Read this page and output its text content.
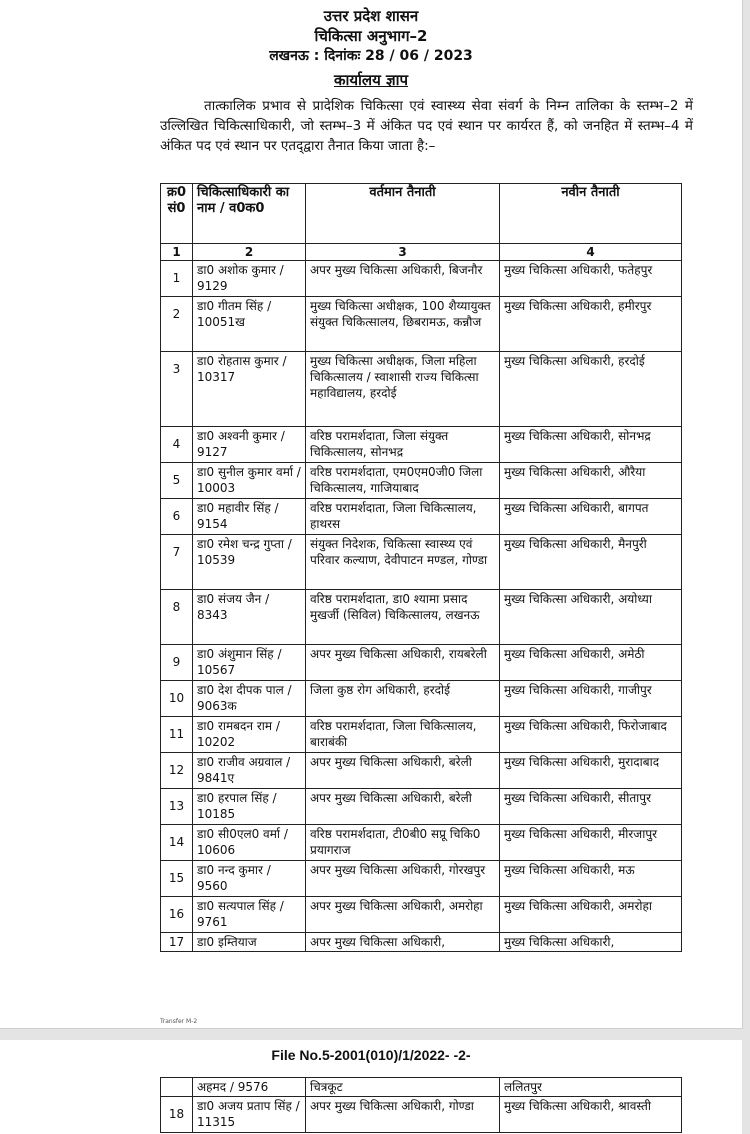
उत्तर प्रदेश शासन
चिकित्सा अनुभाग–2
लखनऊ : दिनांकः 28 / 06 / 2023
कार्यालय ज्ञाप
तात्कालिक प्रभाव से प्रादेशिक चिकित्सा एवं स्वास्थ्य सेवा संवर्ग के निम्न तालिका के स्तम्भ–2 में उल्लिखित चिकित्साधिकारी, जो स्तम्भ–3 में अंकित पद एवं स्थान पर कार्यरत हैं, को जनहित में स्तम्भ–4 में अंकित पद एवं स्थान पर एतद्‌द्वारा तैनात किया जाता है:–
क्र0 सं0	चिकित्साधिकारी का नाम / व0क0	वर्तमान तैनाती	नवीन तैनाती
1	2	3	4
1	डा0 अशोक कुमार / 9129	अपर मुख्य चिकित्सा अधिकारी, बिजनौर	मुख्य चिकित्सा अधिकारी, फतेहपुर
2	डा0 गीतम सिंह / 10051ख	मुख्य चिकित्सा अधीक्षक, 100 शैय्यायुक्त संयुक्त चिकित्सालय, छिबरामऊ, कन्नौज	मुख्य चिकित्सा अधिकारी, हमीरपुर
3	डा0 रोहतास कुमार / 10317	मुख्य चिकित्सा अधीक्षक, जिला महिला चिकित्सालय / स्वाशासी राज्य चिकित्सा महाविद्यालय, हरदोई	मुख्य चिकित्सा अधिकारी, हरदोई
4	डा0 अश्वनी कुमार / 9127	वरिष्ठ परामर्शदाता, जिला संयुक्त चिकित्सालय, सोनभद्र	मुख्य चिकित्सा अधिकारी, सोनभद्र
5	डा0 सुनील कुमार वर्मा / 10003	वरिष्ठ परामर्शदाता, एम0एम0जी0 जिला चिकित्सालय, गाजियाबाद	मुख्य चिकित्सा अधिकारी, औरैया
6	डा0 महावीर सिंह / 9154	वरिष्ठ परामर्शदाता, जिला चिकित्सालय, हाथरस	मुख्य चिकित्सा अधिकारी, बागपत
7	डा0 रमेश चन्द्र गुप्ता / 10539	संयुक्त निदेशक, चिकित्सा स्वास्थ्य एवं परिवार कल्याण, देवीपाटन मण्डल, गोण्डा	मुख्य चिकित्सा अधिकारी, मैनपुरी
8	डा0 संजय जैन / 8343	वरिष्ठ परामर्शदाता, डा0 श्यामा प्रसाद मुखर्जी (सिविल) चिकित्सालय, लखनऊ	मुख्य चिकित्सा अधिकारी, अयोध्या
9	डा0 अंशुमान सिंह / 10567	अपर मुख्य चिकित्सा अधिकारी, रायबरेली	मुख्य चिकित्सा अधिकारी, अमेठी
10	डा0 देश दीपक पाल / 9063क	जिला कुष्ठ रोग अधिकारी, हरदोई	मुख्य चिकित्सा अधिकारी, गाजीपुर
11	डा0 रामबदन राम / 10202	वरिष्ठ परामर्शदाता, जिला चिकित्सालय, बाराबंकी	मुख्य चिकित्सा अधिकारी, फिरोजाबाद
12	डा0 राजीव अग्रवाल / 9841ए	अपर मुख्य चिकित्सा अधिकारी, बरेली	मुख्य चिकित्सा अधिकारी, मुरादाबाद
13	डा0 हरपाल सिंह / 10185	अपर मुख्य चिकित्सा अधिकारी, बरेली	मुख्य चिकित्सा अधिकारी, सीतापुर
14	डा0 सी0एल0 वर्मा / 10606	वरिष्ठ परामर्शदाता, टी0बी0 सप्रू चिकि0 प्रयागराज	मुख्य चिकित्सा अधिकारी, मीरजापुर
15	डा0 नन्द कुमार / 9560	अपर मुख्य चिकित्सा अधिकारी, गोरखपुर	मुख्य चिकित्सा अधिकारी, मऊ
16	डा0 सत्यपाल सिंह / 9761	अपर मुख्य चिकित्सा अधिकारी, अमरोहा	मुख्य चिकित्सा अधिकारी, अमरोहा
17	डा0 इम्तियाज	अपर मुख्य चिकित्सा अधिकारी,	मुख्य चिकित्सा अधिकारी,
Transfer M-2
	अहमद / 9576	चित्रकूट	ललितपुर
18	डा0 अजय प्रताप सिंह / 11315	अपर मुख्य चिकित्सा अधिकारी, गोण्डा	मुख्य चिकित्सा अधिकारी, श्रावस्ती
File No.5-2001(010)/1/2022- -2-
